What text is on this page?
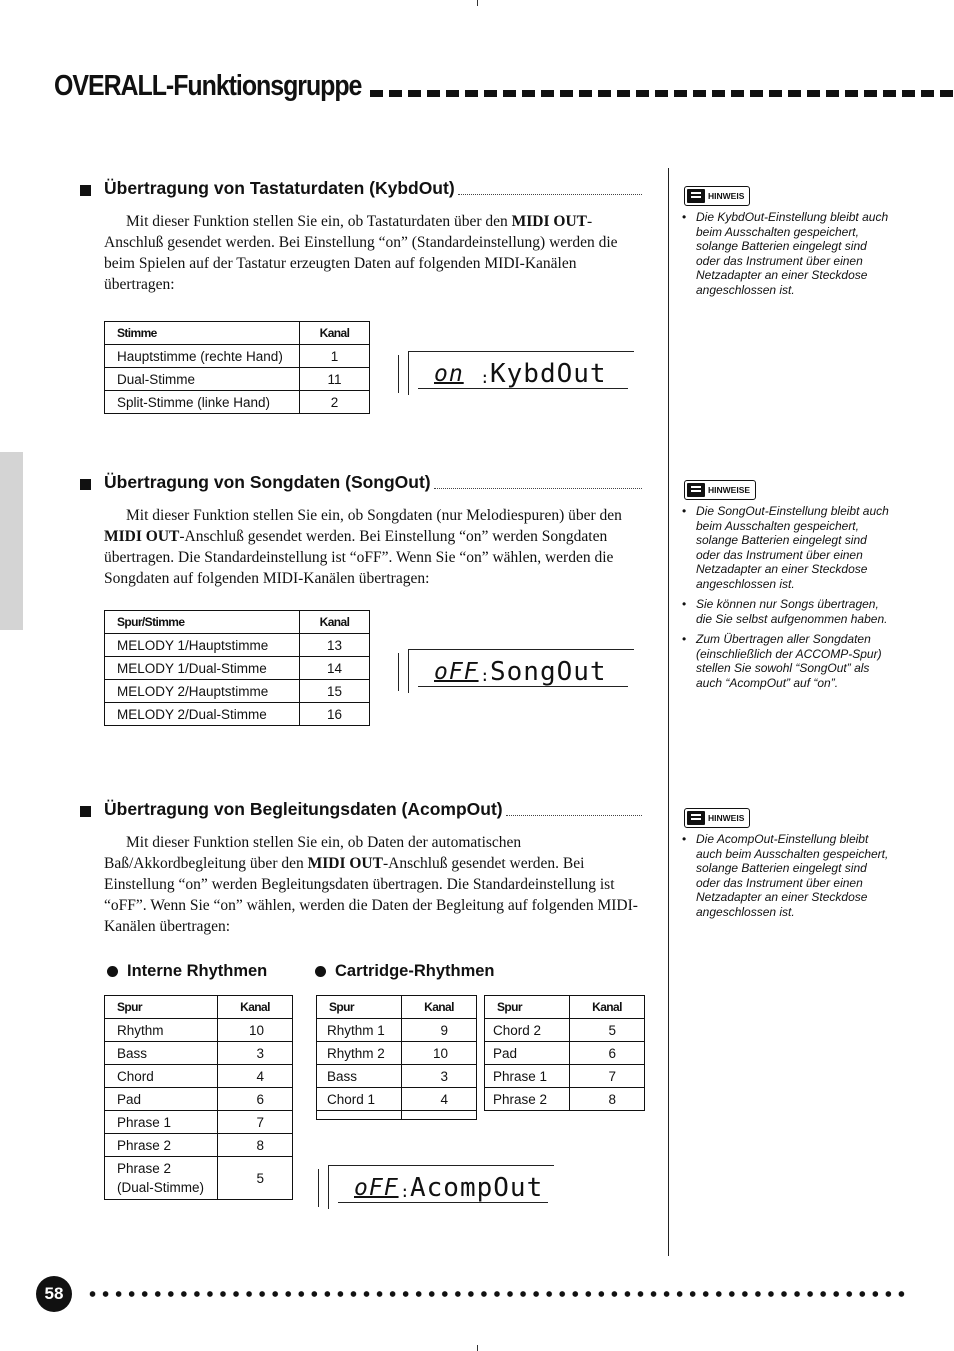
OVERALL-Funktionsgruppe
Übertragung von Tastaturdaten (KybdOut)

Mit dieser Funktion stellen Sie ein, ob Tastaturdaten über den MIDI OUT-Anschluß gesendet werden. Bei Einstellung “on” (Standardeinstellung) werden die beim Spielen auf der Tastatur erzeugten Daten auf folgenden MIDI-Kanälen übertragen:

Stimme	Kanal
Hauptstimme (rechte Hand)	1
Dual-Stimme	11
Split-Stimme (linke Hand)	2
on : KybdOut
HINWEIS
• Die KybdOut-Einstellung bleibt auch beim Ausschalten gespeichert, solange Batterien eingelegt sind oder das Instrument über einen Netzadapter an einer Steckdose angeschlossen ist.
Übertragung von Songdaten (SongOut)

Mit dieser Funktion stellen Sie ein, ob Songdaten (nur Melodiespuren) über den MIDI OUT-Anschluß gesendet werden. Bei Einstellung “on” werden Songdaten übertragen. Die Standardeinstellung ist “oFF”. Wenn Sie “on” wählen, werden die Songdaten auf folgenden MIDI-Kanälen übertragen:

Spur/Stimme	Kanal
MELODY 1/Hauptstimme	13
MELODY 1/Dual-Stimme	14
MELODY 2/Hauptstimme	15
MELODY 2/Dual-Stimme	16
oFF : SongOut
HINWEISE
• Die SongOut-Einstellung bleibt auch beim Ausschalten gespeichert, solange Batterien eingelegt sind oder das Instrument über einen Netzadapter an einer Steckdose angeschlossen ist.
• Sie können nur Songs übertragen, die Sie selbst aufgenommen haben.
• Zum Übertragen aller Songdaten (einschließlich der ACCOMP-Spur) stellen Sie sowohl “SongOut” als auch “AcompOut” auf “on”.
Übertragung von Begleitungsdaten (AcompOut)

Mit dieser Funktion stellen Sie ein, ob Daten der automatischen Baß/Akkordbegleitung über den MIDI OUT-Anschluß gesendet werden. Bei Einstellung “on” werden Begleitungsdaten übertragen. Die Standardeinstellung ist “oFF”. Wenn Sie “on” wählen, werden die Daten der Begleitung auf folgenden MIDI-Kanälen übertragen:

Interne Rhythmen	Cartridge-Rhythmen
Spur	Kanal
Rhythm	10
Bass	3
Chord	4
Pad	6
Phrase 1	7
Phrase 2	8
Phrase 2 (Dual-Stimme)	5
Spur	Kanal
Rhythm 1	9
Rhythm 2	10
Bass	3
Chord 1	4

Spur	Kanal
Chord 2	5
Pad	6
Phrase 1	7
Phrase 2	8
oFF : AcompOut
HINWEIS
• Die AcompOut-Einstellung bleibt auch beim Ausschalten gespeichert, solange Batterien eingelegt sind oder das Instrument über einen Netzadapter an einer Steckdose angeschlossen ist.
58
